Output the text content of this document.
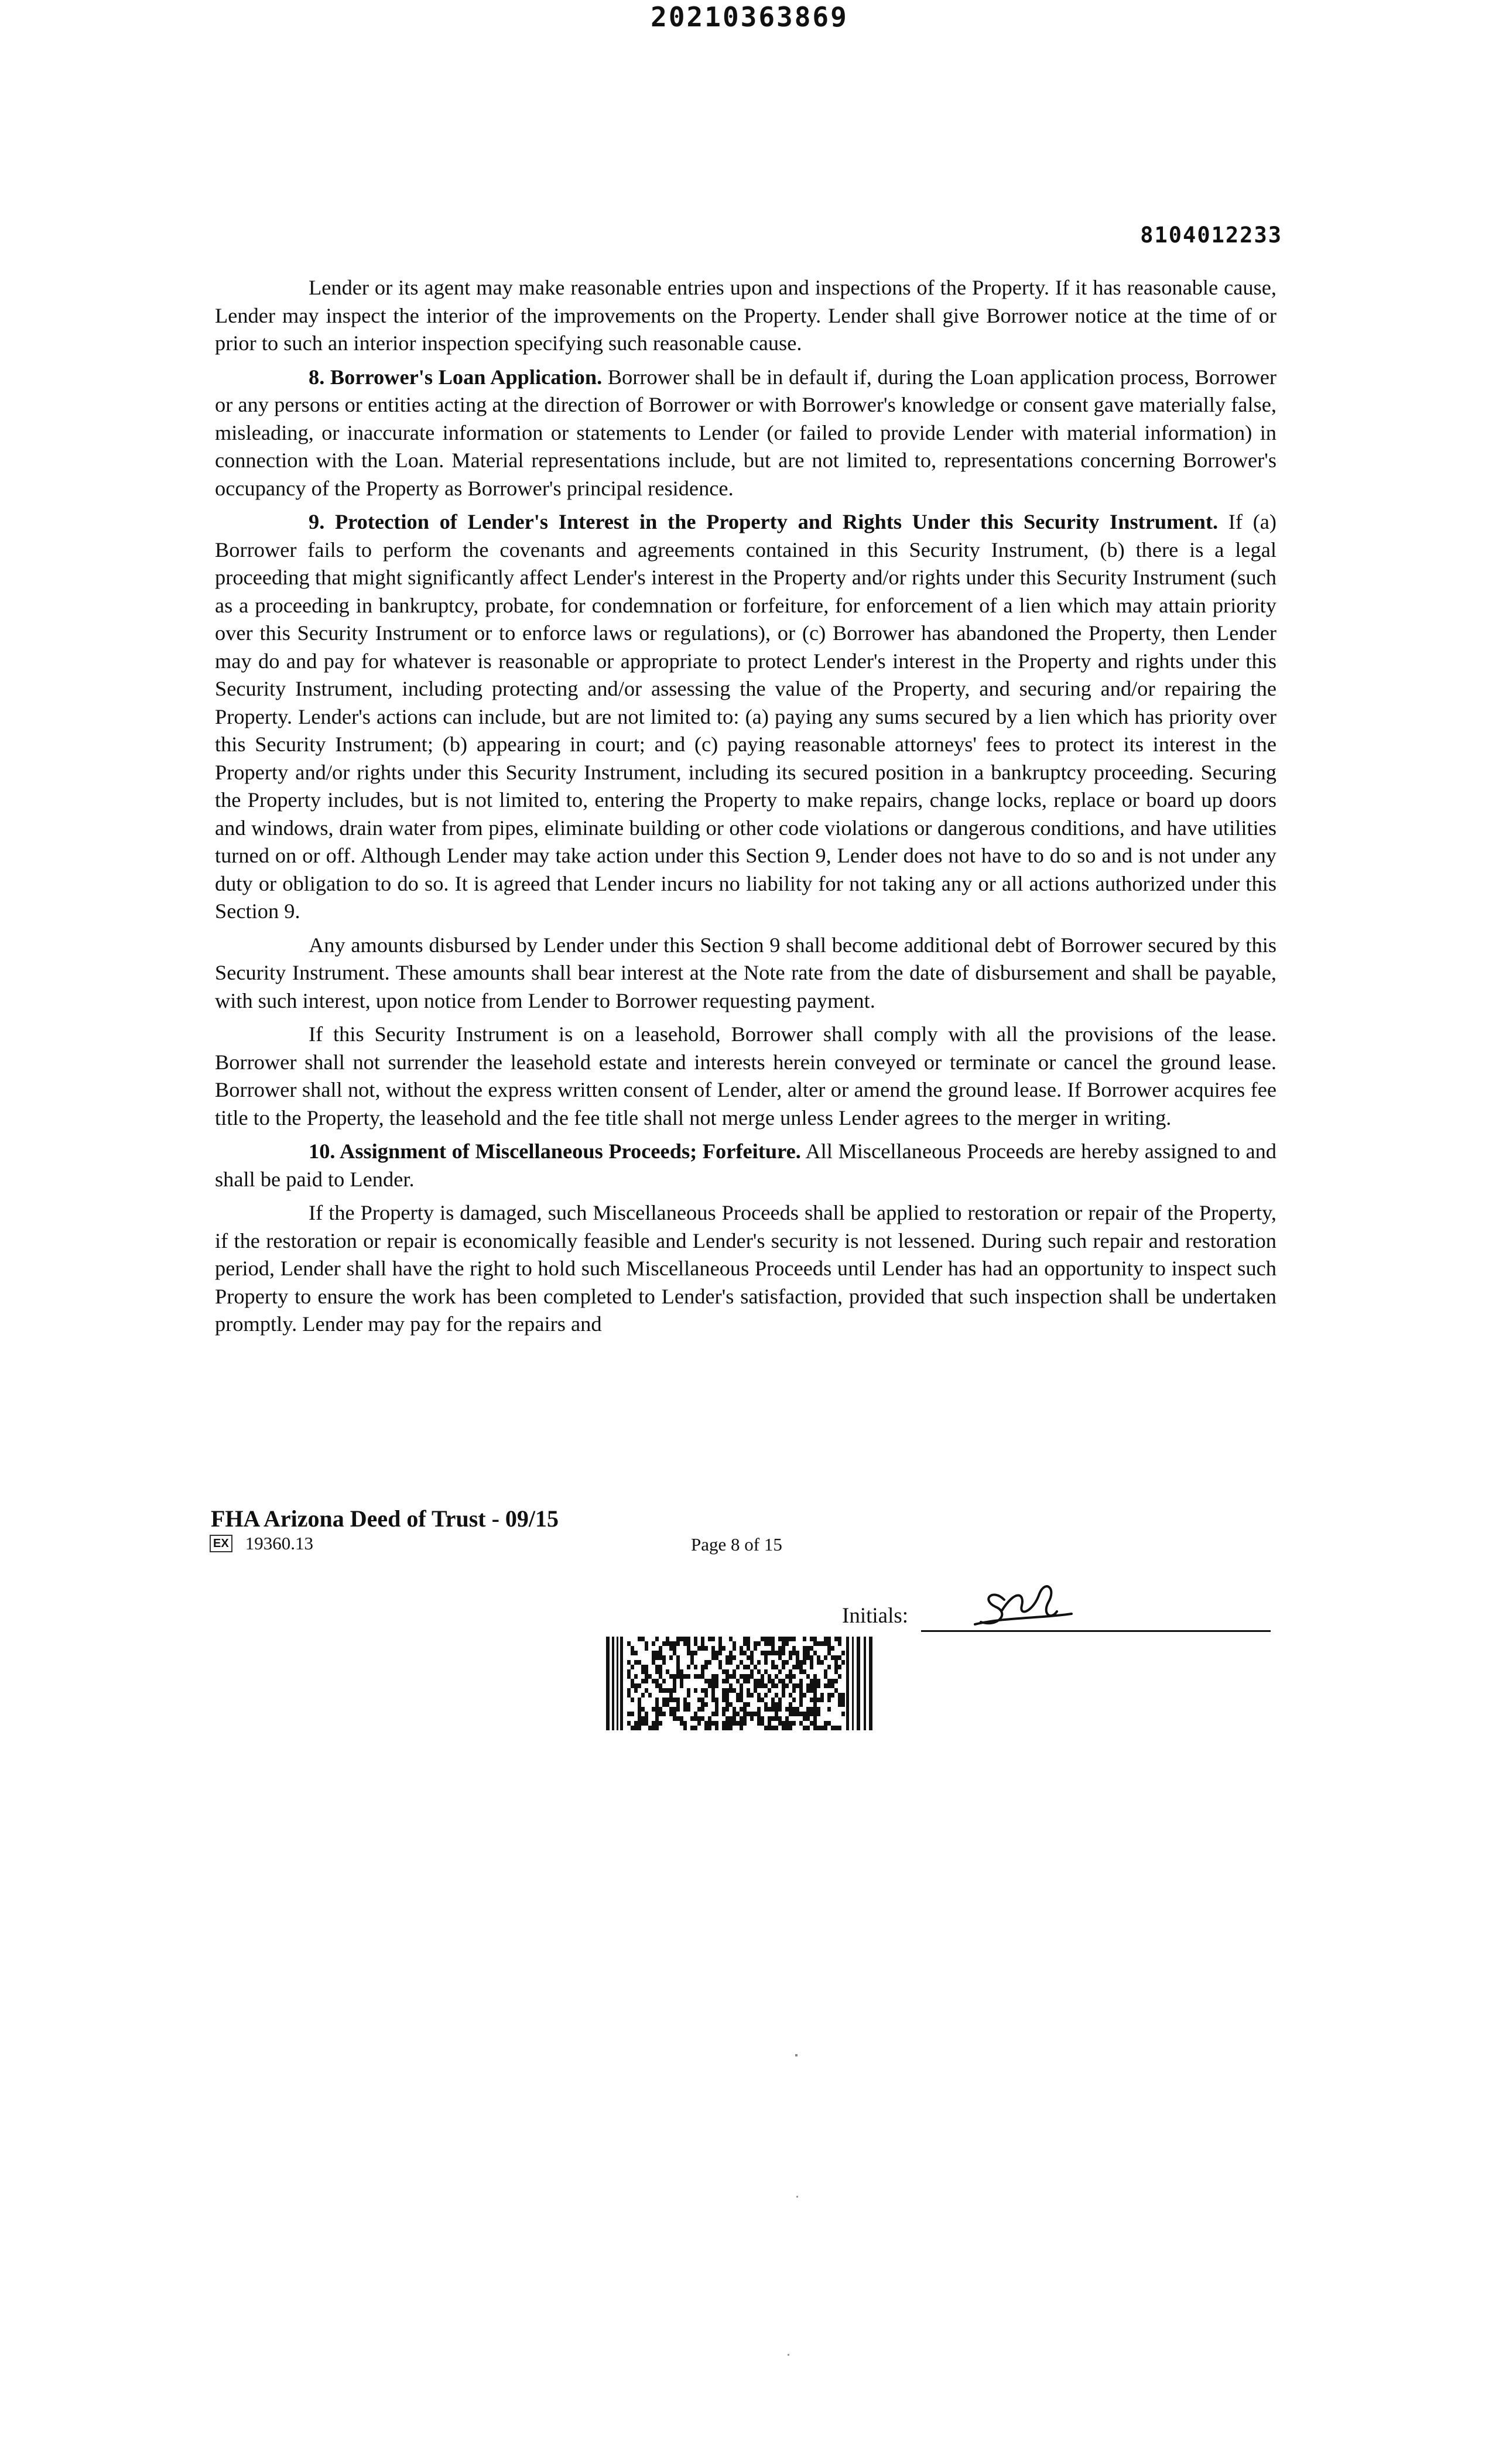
20210363869
8104012233

Lender or its agent may make reasonable entries upon and inspections of the Property. If it has reasonable cause, Lender may inspect the interior of the improvements on the Property. Lender shall give Borrower notice at the time of or prior to such an interior inspection specifying such reasonable cause.

8. Borrower's Loan Application. Borrower shall be in default if, during the Loan application process, Borrower or any persons or entities acting at the direction of Borrower or with Borrower's knowledge or consent gave materially false, misleading, or inaccurate information or statements to Lender (or failed to provide Lender with material information) in connection with the Loan. Material representations include, but are not limited to, representations concerning Borrower's occupancy of the Property as Borrower's principal residence.

9. Protection of Lender's Interest in the Property and Rights Under this Security Instrument. If (a) Borrower fails to perform the covenants and agreements contained in this Security Instrument, (b) there is a legal proceeding that might significantly affect Lender's interest in the Property and/or rights under this Security Instrument (such as a proceeding in bankruptcy, probate, for condemnation or forfeiture, for enforcement of a lien which may attain priority over this Security Instrument or to enforce laws or regulations), or (c) Borrower has abandoned the Property, then Lender may do and pay for whatever is reasonable or appropriate to protect Lender's interest in the Property and rights under this Security Instrument, including protecting and/or assessing the value of the Property, and securing and/or repairing the Property. Lender's actions can include, but are not limited to: (a) paying any sums secured by a lien which has priority over this Security Instrument; (b) appearing in court; and (c) paying reasonable attorneys' fees to protect its interest in the Property and/or rights under this Security Instrument, including its secured position in a bankruptcy proceeding. Securing the Property includes, but is not limited to, entering the Property to make repairs, change locks, replace or board up doors and windows, drain water from pipes, eliminate building or other code violations or dangerous conditions, and have utilities turned on or off. Although Lender may take action under this Section 9, Lender does not have to do so and is not under any duty or obligation to do so. It is agreed that Lender incurs no liability for not taking any or all actions authorized under this Section 9.

Any amounts disbursed by Lender under this Section 9 shall become additional debt of Borrower secured by this Security Instrument. These amounts shall bear interest at the Note rate from the date of disbursement and shall be payable, with such interest, upon notice from Lender to Borrower requesting payment.

If this Security Instrument is on a leasehold, Borrower shall comply with all the provisions of the lease. Borrower shall not surrender the leasehold estate and interests herein conveyed or terminate or cancel the ground lease. Borrower shall not, without the express written consent of Lender, alter or amend the ground lease. If Borrower acquires fee title to the Property, the leasehold and the fee title shall not merge unless Lender agrees to the merger in writing.

10. Assignment of Miscellaneous Proceeds; Forfeiture. All Miscellaneous Proceeds are hereby assigned to and shall be paid to Lender.

If the Property is damaged, such Miscellaneous Proceeds shall be applied to restoration or repair of the Property, if the restoration or repair is economically feasible and Lender's security is not lessened. During such repair and restoration period, Lender shall have the right to hold such Miscellaneous Proceeds until Lender has had an opportunity to inspect such Property to ensure the work has been completed to Lender's satisfaction, provided that such inspection shall be undertaken promptly. Lender may pay for the repairs and

FHA Arizona Deed of Trust - 09/15
EX 19360.13	Page 8 of 15
Initials:
